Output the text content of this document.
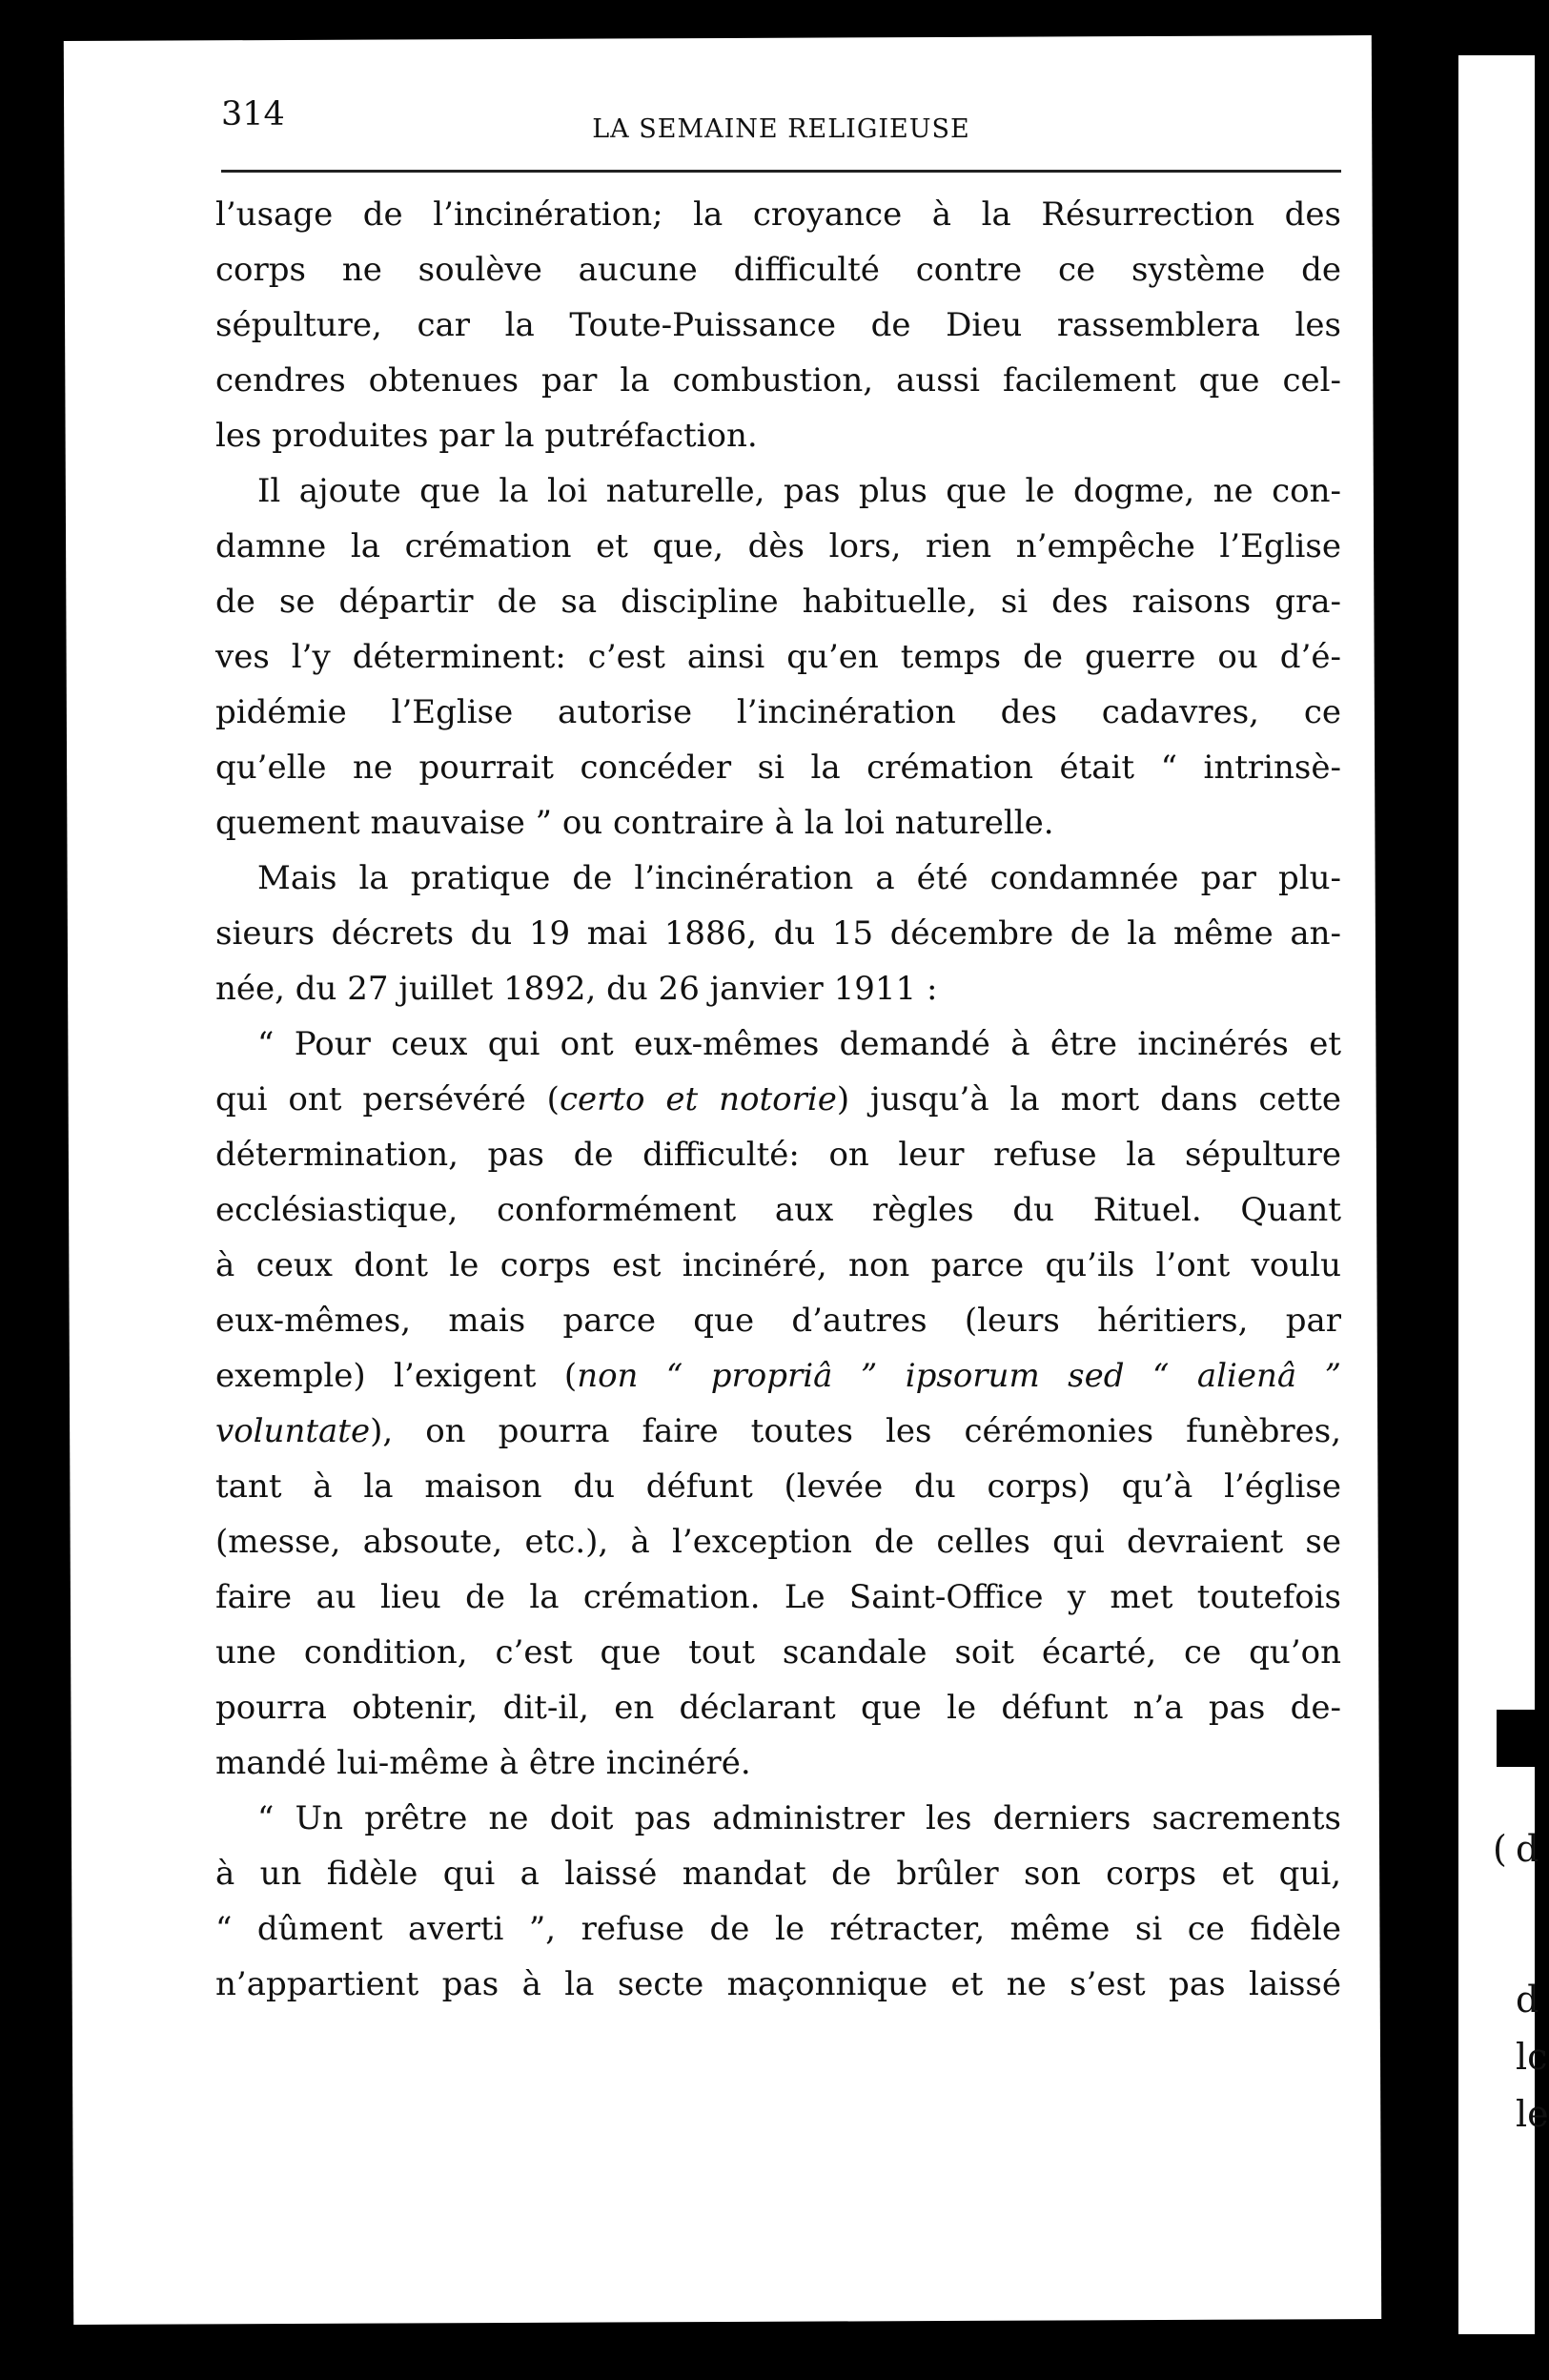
( d
d
lc
le
314	LA SEMAINE RELIGIEUSE
l’usage de l’incinération; la croyance à la Résurrection des
corps ne soulève aucune difficulté contre ce système de
sépulture, car la Toute-Puissance de Dieu rassemblera les
cendres obtenues par la combustion, aussi facilement que cel-
les produites par la putréfaction.
Il ajoute que la loi naturelle, pas plus que le dogme, ne con-
damne la crémation et que, dès lors, rien n’empêche l’Eglise
de se départir de sa discipline habituelle, si des raisons gra-
ves l’y déterminent: c’est ainsi qu’en temps de guerre ou d’é-
pidémie l’Eglise autorise l’incinération des cadavres, ce
qu’elle ne pourrait concéder si la crémation était “ intrinsè-
quement mauvaise ” ou contraire à la loi naturelle.
Mais la pratique de l’incinération a été condamnée par plu-
sieurs décrets du 19 mai 1886, du 15 décembre de la même an-
née, du 27 juillet 1892, du 26 janvier 1911 :
“ Pour ceux qui ont eux-mêmes demandé à être incinérés et
qui ont persévéré (certo et notorie) jusqu’à la mort dans cette
détermination, pas de difficulté: on leur refuse la sépulture
ecclésiastique, conformément aux règles du Rituel. Quant
à ceux dont le corps est incinéré, non parce qu’ils l’ont voulu
eux-mêmes, mais parce que d’autres (leurs héritiers, par
exemple) l’exigent (non “ propriâ ” ipsorum sed “ alienâ ”
voluntate), on pourra faire toutes les cérémonies funèbres,
tant à la maison du défunt (levée du corps) qu’à l’église
(messe, absoute, etc.), à l’exception de celles qui devraient se
faire au lieu de la crémation. Le Saint-Office y met toutefois
une condition, c’est que tout scandale soit écarté, ce qu’on
pourra obtenir, dit-il, en déclarant que le défunt n’a pas de-
mandé lui-même à être incinéré.
“ Un prêtre ne doit pas administrer les derniers sacrements
à un fidèle qui a laissé mandat de brûler son corps et qui,
“ dûment averti ”, refuse de le rétracter, même si ce fidèle
n’appartient pas à la secte maçonnique et ne s’est pas laissé
